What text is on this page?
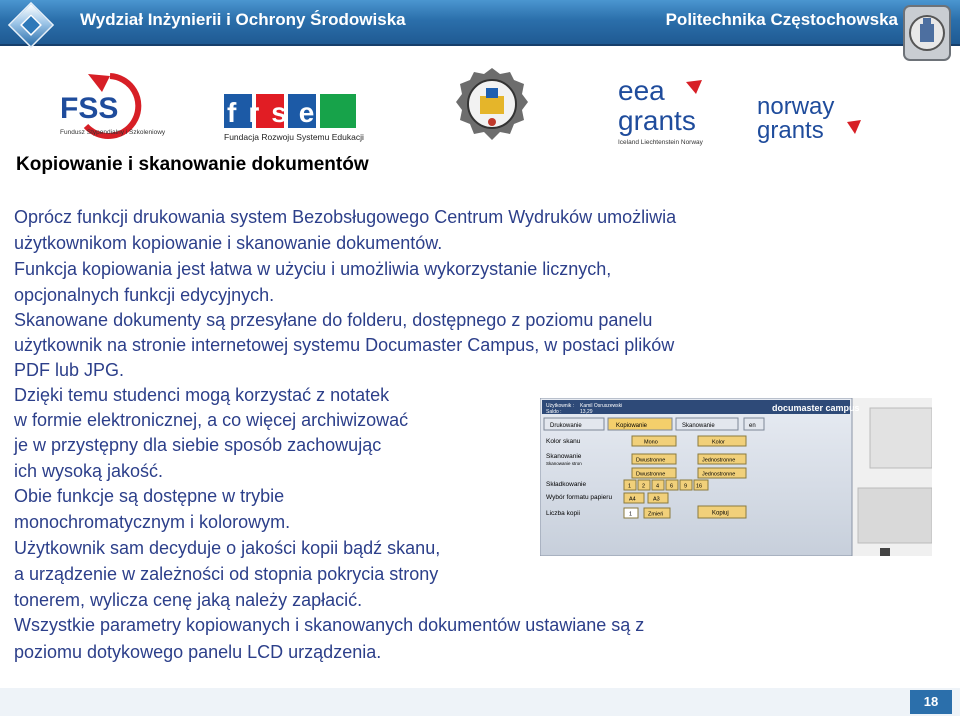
Wydział Inżynierii i Ochrony Środowiska	Politechnika Częstochowska
FSS
Fundusz Stypendialny i Szkoleniowy
frse
Fundacja Rozwoju Systemu Edukacji
eea
grants
Iceland Liechtenstein Norway
norway
grants
Kopiowanie i skanowanie dokumentów
Oprócz funkcji drukowania system Bezobsługowego Centrum Wydruków umożliwia
użytkownikom kopiowanie i skanowanie dokumentów.
Funkcja kopiowania jest łatwa w użyciu i umożliwia wykorzystanie licznych,
opcjonalnych funkcji edycyjnych.
Skanowane dokumenty są przesyłane do folderu, dostępnego z poziomu panelu
użytkownik na stronie internetowej systemu Documaster Campus, w postaci plików
PDF lub JPG.
Dzięki temu studenci mogą korzystać z notatek
w formie elektronicznej, a co więcej archiwizować
je w przystępny dla siebie sposób zachowując
ich wysoką jakość.
Obie funkcje są dostępne w trybie
monochromatycznym i kolorowym.
Użytkownik sam decyduje o jakości kopii bądź skanu,
a urządzenie w zależności od stopnia pokrycia strony
tonerem, wylicza cenę jaką należy zapłacić.
Wszystkie parametry kopiowanych i skanowanych dokumentów ustawiane są z
poziomu dotykowego panelu LCD urządzenia.
Użytkownik : Kamil Osruszewski
Saldo :	13,29	documaster campus
Drukowanie	Kopiowanie	Skanowanie	en
Kolor skanu	Mono	Kolor
Skanowanie
Skanowanie stron	Dwustronne	Jednostronne
Dwustronne	Jednostronne
Składkowanie	1 2 4 6 9 16
Wybór formatu papieru	A4	A3
Liczba kopii	1	Zmień	Kopiuj
18
